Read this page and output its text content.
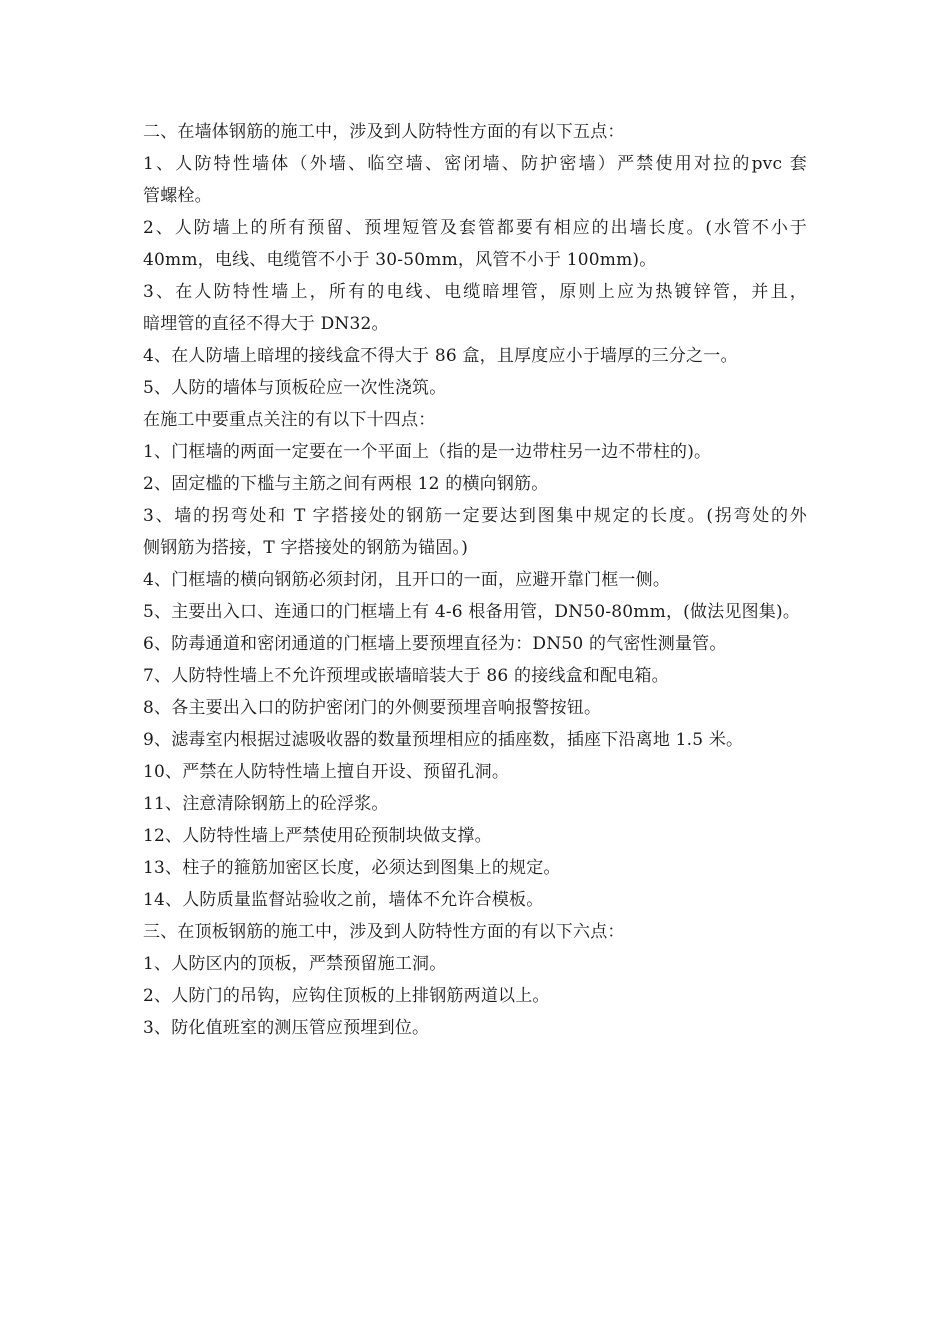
二、在墙体钢筋的施工中，涉及到人防特性方面的有以下五点：
1、人防特性墙体（外墙、临空墙、密闭墙、防护密墙）严禁使用对拉的pvc 套
管螺栓。
2、人防墙上的所有预留、预埋短管及套管都要有相应的出墙长度。(水管不小于
40mm，电线、电缆管不小于 30-50mm，风管不小于 100mm)。
3、在人防特性墙上，所有的电线、电缆暗埋管，原则上应为热镀锌管，并且，
暗埋管的直径不得大于 DN32。
4、在人防墙上暗埋的接线盒不得大于 86 盒，且厚度应小于墙厚的三分之一。
5、人防的墙体与顶板砼应一次性浇筑。
在施工中要重点关注的有以下十四点：
1、门框墙的两面一定要在一个平面上（指的是一边带柱另一边不带柱的)。
2、固定槛的下槛与主筋之间有两根 12 的横向钢筋。
3、墙的拐弯处和 T 字搭接处的钢筋一定要达到图集中规定的长度。(拐弯处的外
侧钢筋为搭接，T 字搭接处的钢筋为锚固。)
4、门框墙的横向钢筋必须封闭，且开口的一面，应避开靠门框一侧。
5、主要出入口、连通口的门框墙上有 4-6 根备用管，DN50-80mm，(做法见图集)。
6、防毒通道和密闭通道的门框墙上要预埋直径为：DN50 的气密性测量管。
7、人防特性墙上不允许预埋或嵌墙暗装大于 86 的接线盒和配电箱。
8、各主要出入口的防护密闭门的外侧要预埋音响报警按钮。
9、滤毒室内根据过滤吸收器的数量预埋相应的插座数，插座下沿离地 1.5 米。
10、严禁在人防特性墙上擅自开设、预留孔洞。
11、注意清除钢筋上的砼浮浆。
12、人防特性墙上严禁使用砼预制块做支撑。
13、柱子的箍筋加密区长度，必须达到图集上的规定。
14、人防质量监督站验收之前，墙体不允许合模板。
三、在顶板钢筋的施工中，涉及到人防特性方面的有以下六点：
1、人防区内的顶板，严禁预留施工洞。
2、人防门的吊钩，应钩住顶板的上排钢筋两道以上。
3、防化值班室的测压管应预埋到位。
